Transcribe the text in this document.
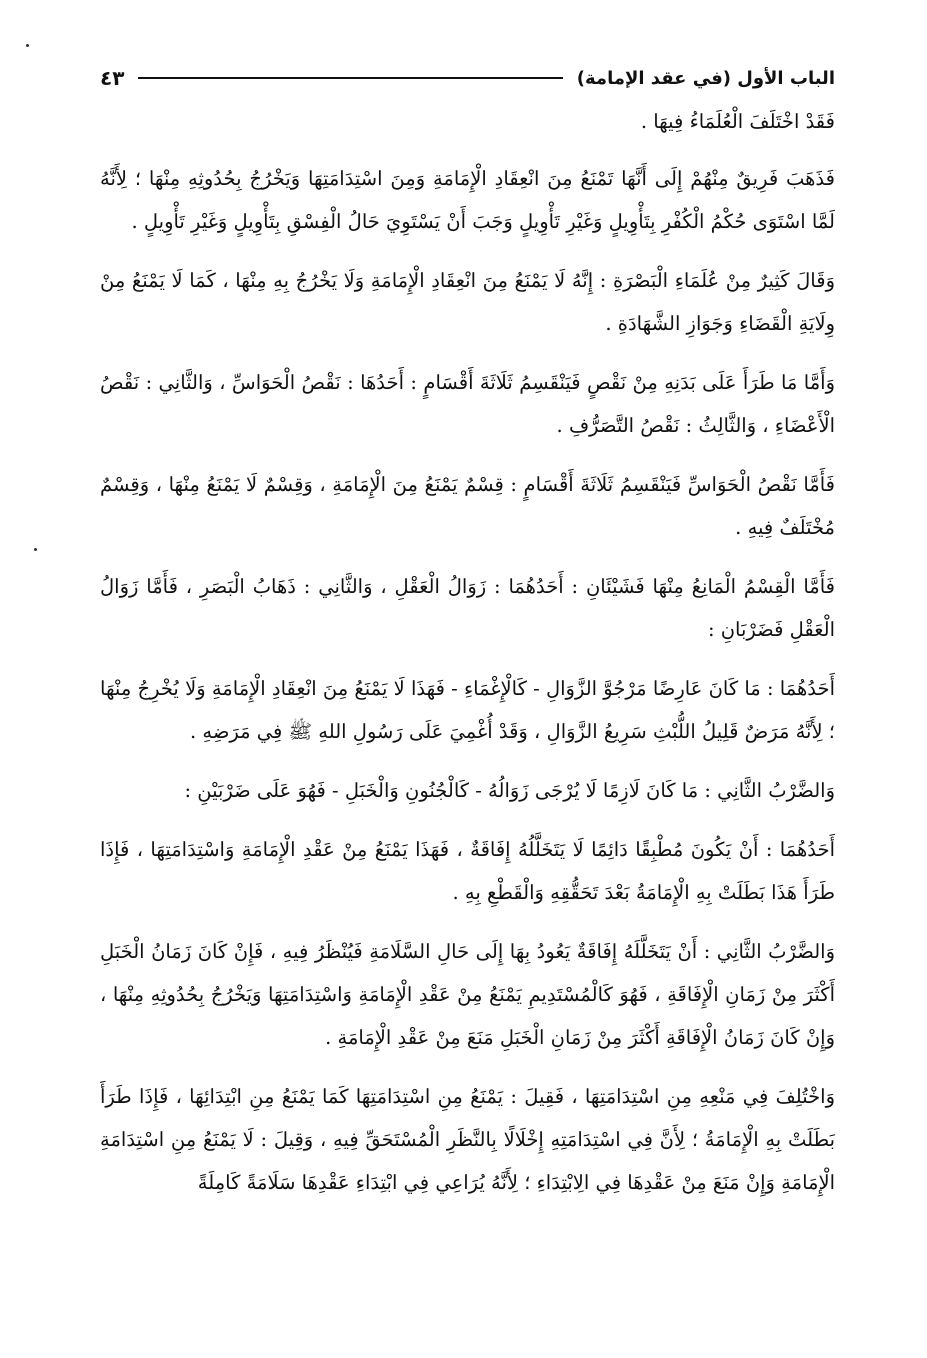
الباب الأول (في عقد الإمامة)
٤٣

فَقَدْ اخْتَلَفَ الْعُلَمَاءُ فِيهَا .

فَذَهَبَ فَرِيقٌ مِنْهُمْ إِلَى أَنَّهَا تَمْنَعُ مِنَ انْعِقَادِ الْإِمَامَةِ وَمِنَ اسْتِدَامَتِهَا وَيَخْرُجُ بِحُدُوثِهِ مِنْهَا ؛ لِأَنَّهُ لَمَّا اسْتَوَى حُكْمُ الْكُفْرِ بِتَأْوِيلٍ وَغَيْرِ تَأْوِيلٍ وَجَبَ أَنْ يَسْتَوِيَ حَالُ الْفِسْقِ بِتَأْوِيلٍ وَغَيْرِ تَأْوِيلٍ .

وَقَالَ كَثِيرٌ مِنْ عُلَمَاءِ الْبَصْرَةِ : إِنَّهُ لَا يَمْنَعُ مِنَ انْعِقَادِ الْإِمَامَةِ وَلَا يَخْرُجُ بِهِ مِنْهَا ، كَمَا لَا يَمْنَعُ مِنْ وِلَايَةِ الْقَضَاءِ وَجَوَازِ الشَّهَادَةِ .

وَأَمَّا مَا طَرَأَ عَلَى بَدَنِهِ مِنْ نَقْصٍ فَيَنْقَسِمُ ثَلَاثَةَ أَقْسَامٍ : أَحَدُهَا : نَقْصُ الْحَوَاسِّ ، وَالثَّانِي : نَقْصُ الْأَعْضَاءِ ، وَالثَّالِثُ : نَقْصُ التَّصَرُّفِ .

فَأَمَّا نَقْصُ الْحَوَاسِّ فَيَنْقَسِمُ ثَلَاثَةَ أَقْسَامٍ : قِسْمٌ يَمْنَعُ مِنَ الْإِمَامَةِ ، وَقِسْمٌ لَا يَمْنَعُ مِنْهَا ، وَقِسْمٌ مُخْتَلَفٌ فِيهِ .

فَأَمَّا الْقِسْمُ الْمَانِعُ مِنْهَا فَشَيْئَانِ : أَحَدُهُمَا : زَوَالُ الْعَقْلِ ، وَالثَّانِي : ذَهَابُ الْبَصَرِ ، فَأَمَّا زَوَالُ الْعَقْلِ فَضَرْبَانِ :

أَحَدُهُمَا : مَا كَانَ عَارِضًا مَرْجُوَّ الزَّوَالِ - كَالْإِغْمَاءِ - فَهَذَا لَا يَمْنَعُ مِنَ انْعِقَادِ الْإِمَامَةِ وَلَا يُخْرِجُ مِنْهَا ؛ لِأَنَّهُ مَرَضٌ قَلِيلُ اللُّبْثِ سَرِيعُ الزَّوَالِ ، وَقَدْ أُغْمِيَ عَلَى رَسُولِ اللهِ ﷺ فِي مَرَضِهِ .

وَالضَّرْبُ الثَّانِي : مَا كَانَ لَازِمًا لَا يُرْجَى زَوَالُهُ - كَالْجُنُونِ وَالْخَبَلِ - فَهُوَ عَلَى ضَرْبَيْنِ :

أَحَدُهُمَا : أَنْ يَكُونَ مُطْبِقًا دَائِمًا لَا يَتَخَلَّلُهُ إِفَاقَةٌ ، فَهَذَا يَمْنَعُ مِنْ عَقْدِ الْإِمَامَةِ وَاسْتِدَامَتِهَا ، فَإِذَا طَرَأَ هَذَا بَطَلَتْ بِهِ الْإِمَامَةُ بَعْدَ تَحَقُّقِهِ وَالْقَطْعِ بِهِ .

وَالضَّرْبُ الثَّانِي : أَنْ يَتَخَلَّلَهُ إِفَاقَةٌ يَعُودُ بِهَا إِلَى حَالِ السَّلَامَةِ فَيُنْظَرُ فِيهِ ، فَإِنْ كَانَ زَمَانُ الْخَبَلِ أَكْثَرَ مِنْ زَمَانِ الْإِفَاقَةِ ، فَهُوَ كَالْمُسْتَدِيمِ يَمْنَعُ مِنْ عَقْدِ الْإِمَامَةِ وَاسْتِدَامَتِهَا وَيَخْرُجُ بِحُدُوثِهِ مِنْهَا ، وَإِنْ كَانَ زَمَانُ الْإِفَاقَةِ أَكْثَرَ مِنْ زَمَانِ الْخَبَلِ مَنَعَ مِنْ عَقْدِ الْإِمَامَةِ .

وَاخْتُلِفَ فِي مَنْعِهِ مِنِ اسْتِدَامَتِهَا ، فَقِيلَ : يَمْنَعُ مِنِ اسْتِدَامَتِهَا كَمَا يَمْنَعُ مِنِ ابْتِدَائِهَا ، فَإِذَا طَرَأَ بَطَلَتْ بِهِ الْإِمَامَةُ ؛ لِأَنَّ فِي اسْتِدَامَتِهِ إِخْلَالًا بِالنَّظَرِ الْمُسْتَحَقِّ فِيهِ ، وَقِيلَ : لَا يَمْنَعُ مِنِ اسْتِدَامَةِ الْإِمَامَةِ وَإِنْ مَنَعَ مِنْ عَقْدِهَا فِي الِابْتِدَاءِ ؛ لِأَنَّهُ يُرَاعِي فِي ابْتِدَاءِ عَقْدِهَا سَلَامَةً كَامِلَةً
